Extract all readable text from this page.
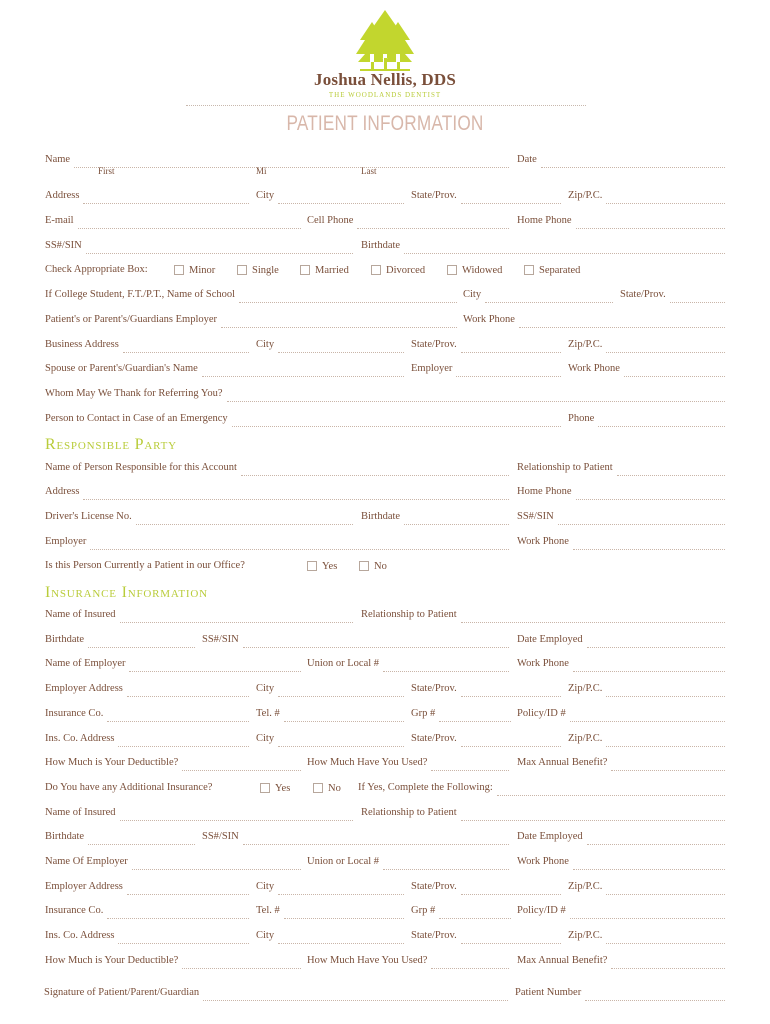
Joshua Nellis, DDS
THE WOODLANDS DENTIST
PATIENT INFORMATION
Name	Date
First	Mi	Last
Address	City	State/Prov.	Zip/P.C.
E-mail	Cell Phone	Home Phone
SS#/SIN	Birthdate
Check Appropriate Box:	Minor	Single	Married	Divorced	Widowed	Separated
If College Student, F.T./P.T., Name of School	City	State/Prov.
Patient's or Parent's/Guardians Employer	Work Phone
Business Address	City	State/Prov.	Zip/P.C.
Spouse or Parent's/Guardian's Name	Employer	Work Phone
Whom May We Thank for Referring You?
Person to Contact in Case of an Emergency	Phone
Responsible Party
Name of Person Responsible for this Account	Relationship to Patient
Address	Home Phone
Driver's License No.	Birthdate	SS#/SIN
Employer	Work Phone
Is this Person Currently a Patient in our Office?	Yes	No
Insurance Information
Name of Insured	Relationship to Patient
Birthdate	SS#/SIN	Date Employed
Name of Employer	Union or Local #	Work Phone
Employer Address	City	State/Prov.	Zip/P.C.
Insurance Co.	Tel. #	Grp #	Policy/ID #
Ins. Co. Address	City	State/Prov.	Zip/P.C.
How Much is Your Deductible?	How Much Have You Used?	Max Annual Benefit?
Do You have any Additional Insurance?	Yes	No If Yes, Complete the Following:
Name of Insured	Relationship to Patient
Birthdate	SS#/SIN	Date Employed
Name Of Employer	Union or Local #	Work Phone
Employer Address	City	State/Prov.	Zip/P.C.
Insurance Co.	Tel. #	Grp #	Policy/ID #
Ins. Co. Address	City	State/Prov.	Zip/P.C.
How Much is Your Deductible?	How Much Have You Used?	Max Annual Benefit?
Signature of Patient/Parent/Guardian	Patient Number
